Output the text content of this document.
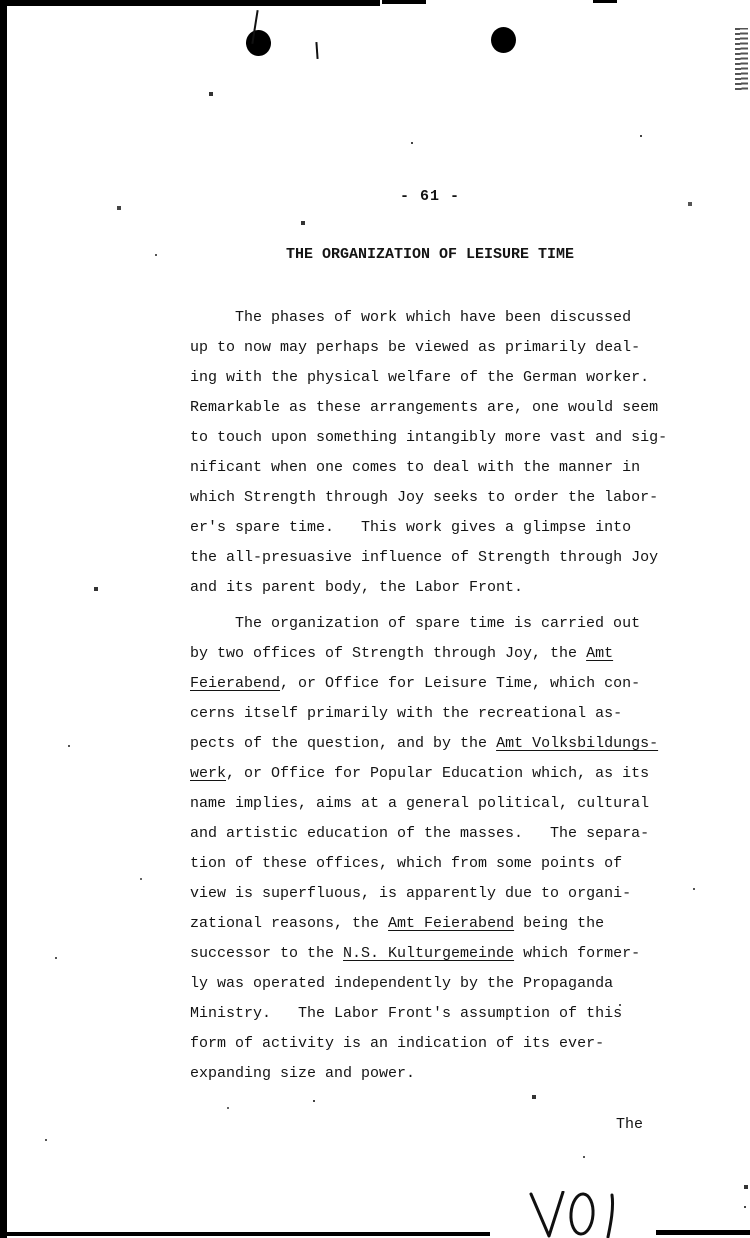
- 61 -
THE ORGANIZATION OF LEISURE TIME
The phases of work which have been discussed
up to now may perhaps be viewed as primarily deal-
ing with the physical welfare of the German worker.
Remarkable as these arrangements are, one would seem
to touch upon something intangibly more vast and sig-
nificant when one comes to deal with the manner in
which Strength through Joy seeks to order the labor-
er's spare time.   This work gives a glimpse into
the all-presuasive influence of Strength through Joy
and its parent body, the Labor Front.
The organization of spare time is carried out
by two offices of Strength through Joy, the Amt
Feierabend, or Office for Leisure Time, which con-
cerns itself primarily with the recreational as-
pects of the question, and by the Amt Volksbildungs-
werk, or Office for Popular Education which, as its
name implies, aims at a general political, cultural
and artistic education of the masses.   The separa-
tion of these offices, which from some points of
view is superfluous, is apparently due to organi-
zational reasons, the Amt Feierabend being the
successor to the N.S. Kulturgemeinde which former-
ly was operated independently by the Propaganda
Ministry.   The Labor Front's assumption of this
form of activity is an indication of its ever-
expanding size and power.
The
